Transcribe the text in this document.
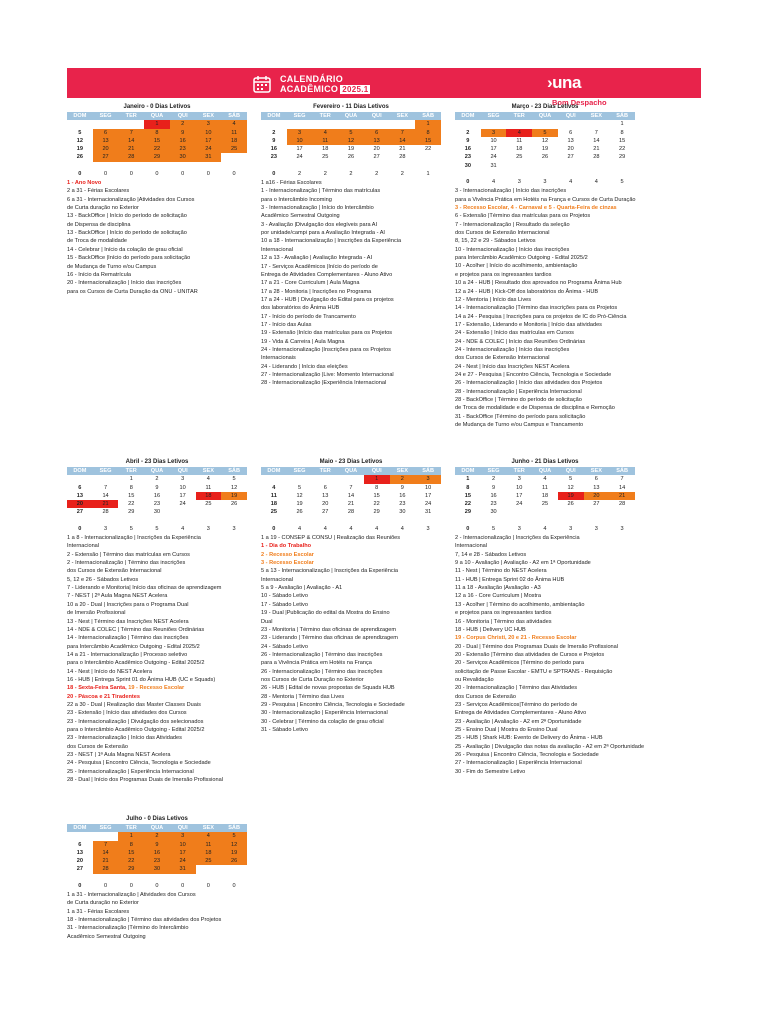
CALENDÁRIO
ACADÊMICO 2025.1	›una
Bom Despacho
Janeiro - 0 Dias Letivos
DOM	SEG	TER	QUA	QUI	SEX	SÁB
			1	2	3	4
5	6	7	8	9	10	11
12	13	14	15	16	17	18
19	20	21	22	23	24	25
26	27	28	29	30	31	

0	0	0	0	0	0	0
1 - Ano Novo
2 a 31 - Férias Escolares
6 a 31 - Internacionalização |Atividades dos Cursos
de Curta duração no Exterior
13 - BackOffice | Início do período de solicitação
de Dispensa de disciplina
13 - BackOffice | Início do período de solicitação
de Troca de modalidade
14 - Celebrar | Início da colação de grau oficial
15 - BackOffice |Início do período para solicitação
de Mudança de Turno e/ou Campus
16 - Início da Rematrícula
20 - Internacionalização | Início das inscrições
para os Cursos de Curta Duração da ONU - UNITAR
Fevereiro - 11 Dias Letivos
DOM	SEG	TER	QUA	QUI	SEX	SÁB
						1
2	3	4	5	6	7	8
9	10	11	12	13	14	15
16	17	18	19	20	21	22
23	24	25	26	27	28	

0	2	2	2	2	2	1
1 a16 - Férias Escolares
1 - Internacionalização | Término das matrículas
para o Intercâmbio Incoming
3 - Internacionalização | Início do Intercâmbio
Acadêmico Semestral Outgoing
3 - Avaliação |Divulgação dos elegíveis para AI
por unidade/campi para a Avaliação Integrada - AI
10 a 18 - Internacionalização | Inscrições da Experiência
Internacional
12 a 13 - Avaliação | Avaliação Integrada - AI
17 - Serviços Acadêmicos |Início do período de
Entrega de Atividades Complementares - Aluno Ativo
17 a 21 - Core Curriculum | Aula Magna
17 a 28 - Monitoria | Inscrições no Programa
17 a 24 - HUB | Divulgação do Edital para os projetos
dos laboratórios do Ânima HUB
17 - Início do período de Trancamento
17 - Início das Aulas
19 - Extensão |Início das matrículas para os Projetos
19 - Vida & Carreira | Aula Magna
24 - Internacionalização |Inscrições para os Projetos
Internacionais
24 - Liderando | Início das eleições
27 - Internacionalização |Live: Momento Internacional
28 - Internacionalização |Experiência Internacional
Março - 23 Dias Letivos
DOM	SEG	TER	QUA	QUI	SEX	SÁB
						1
2	3	4	5	6	7	8
9	10	11	12	13	14	15
16	17	18	19	20	21	22
23	24	25	26	27	28	29
30	31					

0	4	3	3	4	4	5
3 - Internacionalização | Início das inscrições
para a Vivência Prática em Hotéis na França e Cursos de Curta Duração
3 - Recesso Escolar, 4 - Carnaval e 5 - Quarta-Feira de cinzas
6 - Extensão |Término das matrículas para os Projetos
7 - Internacionalização | Resultado da seleção
dos Cursos de Extensão Internacional
8, 15, 22 e 29 - Sábados Letivos
10 - Internacionalização | Início das inscrições
para Intercâmbio Acadêmico Outgoing - Edital 2025/2
10 - Acolher | Início do acolhimento, ambientação
e projetos para os ingressantes tardios
10 a 24 - HUB | Resultado dos aprovados no Programa Ânima Hub
12 a 24 - HUB | Kick-Off dos laboratórios do Ânima - HUB
12 - Mentoria | Início das Lives
14 - Internacionalização |Término das inscrições para os Projetos
14 a 24 - Pesquisa | Inscrições para os projetos de IC do Pró-Ciência
17 - Extensão, Liderando e Monitoria | Início das atividades
24 - Extensão | Início das matrículas em Cursos
24 - NDE & COLEC | Início das Reuniões Ordinárias
24 - Internacionalização | Início das inscrições
dos Cursos de Extensão Internacional
24 - Nest | Início das Inscrições NEST Acelera
24 e 27 - Pesquisa | Encontro Ciência, Tecnologia e Sociedade
26 - Internacionalização | Início das atividades dos Projetos
28 - Internacionalização | Experiência Internacional
28 - BackOffice | Término do período de solicitação
de Troca de modalidade e de Dispensa de disciplina e Remoção
31 - BackOffice |Término do período para solicitação
de Mudança de Turno e/ou Campus e Trancamento
Abril - 23 Dias Letivos
DOM	SEG	TER	QUA	QUI	SEX	SÁB
		1	2	3	4	5
6	7	8	9	10	11	12
13	14	15	16	17	18	19
20	21	22	23	24	25	26
27	28	29	30			

0	3	5	5	4	3	3
1 a 8 - Internacionalização | Inscrições da Experiência
Internacional
2 - Extensão | Término das matrículas em Cursos
2 - Internacionalização | Término das inscrições
dos Cursos de Extensão Internacional
5, 12 e 26 - Sábados Letivos
7 - Liderando e Monitoria| Início das oficinas de aprendizagem
7 - NEST | 2ª Aula Magna NEST Acelera
10 a 20 - Dual | Inscrições para o Programa Dual
de Imersão Profissional
13 - Nest | Término das Inscrições NEST Acelera
14 - NDE & COLEC | Término das Reuniões Ordinárias
14 - Internacionalização | Término das inscrições
para Intercâmbio Acadêmico Outgoing - Edital 2025/2
14 a 21 - Internacionalização | Processo seletivo
para o Intercâmbio Acadêmico Outgoing - Edital 2025/2
14 - Nest | Início do NEST Acelera
16 - HUB | Entrega Sprint 01 do Ânima HUB (UC e Squads)
18 - Sexta-Feira Santa, 19 - Recesso Escolar
20 - Páscoa e 21 Tiradentes
22 a 30 - Dual | Realização das Master Classes Duais
23 - Extensão | Início das atividades dos Cursos
23 - Internacionalização | Divulgação dos selecionados
para o Intercâmbio Acadêmico Outgoing - Edital 2025/2
23 - Internacionalização | Início das Atividades
dos Cursos de Extensão
23 - NEST | 1ª Aula Magna NEST Acelera
24 - Pesquisa | Encontro Ciência, Tecnologia e Sociedade
25 - Internacionalização | Experiência Internacional
28 - Dual | Início dos Programas Duais de Imersão Profissional
Maio - 23 Dias Letivos
DOM	SEG	TER	QUA	QUI	SEX	SÁB
				1	2	3
4	5	6	7	8	9	10
11	12	13	14	15	16	17
18	19	20	21	22	23	24
25	26	27	28	29	30	31

0	4	4	4	4	4	3
1 a 19 - CONSEP & CONSU | Realização das Reuniões
1 - Dia do Trabalho
2 - Recesso Escolar
3 - Recesso Escolar
5 a 13 - Internacionalização | Inscrições da Experiência
Internacional
5 a 9 - Avaliação | Avaliação - A1
10 - Sábado Letivo
17 - Sábado Letivo
19 - Dual |Publicação do edital da Mostra do Ensino
Dual
23 - Monitoria | Término das oficinas de aprendizagem
23 - Liderando | Término das oficinas de aprendizagem
24 - Sábado Letivo
26 - Internacionalização | Término das inscrições
para a Vivência Prática em Hotéis na França
26 - Internacionalização | Término das inscrições
nos Cursos de Curta Duração no Exterior
26 - HUB | Edital de novas propostas de Squads HUB
28 - Mentoria | Término das Lives
29 - Pesquisa | Encontro Ciência, Tecnologia e Sociedade
30 - Internacionalização | Experiência Internacional
30 - Celebrar | Término da colação de grau oficial
31 - Sábado Letivo
Junho - 21 Dias Letivos
DOM	SEG	TER	QUA	QUI	SEX	SÁB
1	2	3	4	5	6	7
8	9	10	11	12	13	14
15	16	17	18	19	20	21
22	23	24	25	26	27	28
29	30					

0	5	3	4	3	3	3
2 - Internacionalização | Inscrições da Experiência
Internacional
7, 14 e 28 - Sábados Letivos
9 a 10 - Avaliação | Avaliação - A2 em 1ª Oportunidade
11 - Nest | Término do NEST Acelera
11 - HUB | Entrega Sprint 02 do Ânima HUB
11 a 18 - Avaliação |Avaliação - A3
12 a 16 - Core Curriculum | Mostra
13 - Acolher | Término do acolhimento, ambientação
e projetos para os ingressantes tardios
16 - Monitoria | Término das atividades
18 - HUB | Delivery UC HUB
19 - Corpus Christi, 20 e 21 - Recesso Escolar
20 - Dual | Término dos Programas Duais de Imersão Profissional
20 - Extensão |Término das atividades de Cursos e Projetos
20 - Serviços Acadêmicos |Término do período para
solicitação de Passe Escolar - EMTU e SPTRANS - Requisição
ou Revalidação
20 - Internacionalização | Término das Atividades
dos Cursos de Extensão
23 - Serviços Acadêmicos|Término do período de
Entrega de Atividades Complementares - Aluno Ativo
23 - Avaliação | Avaliação - A2 em 2ª Oportunidade
25 - Ensino Dual | Mostra do Ensino Dual
25 - HUB | Shark HUB: Evento de Delivery do Ânima - HUB
25 - Avaliação | Divulgação das notas da avaliação - A2 em 2ª Oportunidade
26 - Pesquisa | Encontro Ciência, Tecnologia e Sociedade
27 - Internacionalização | Experiência Internacional
30 - Fim do Semestre Letivo
Julho - 0 Dias Letivos
DOM	SEG	TER	QUA	QUI	SEX	SÁB
		1	2	3	4	5
6	7	8	9	10	11	12
13	14	15	16	17	18	19
20	21	22	23	24	25	26
27	28	29	30	31		

0	0	0	0	0	0	0
1 a 31 - Internacionalização | Atividades dos Cursos
de Curta duração no Exterior
1 a 31 - Férias Escolares
18 - Internacionalização | Término das atividades dos Projetos
31 - Internacionalização |Término do Intercâmbio
Acadêmico Semestral Outgoing
